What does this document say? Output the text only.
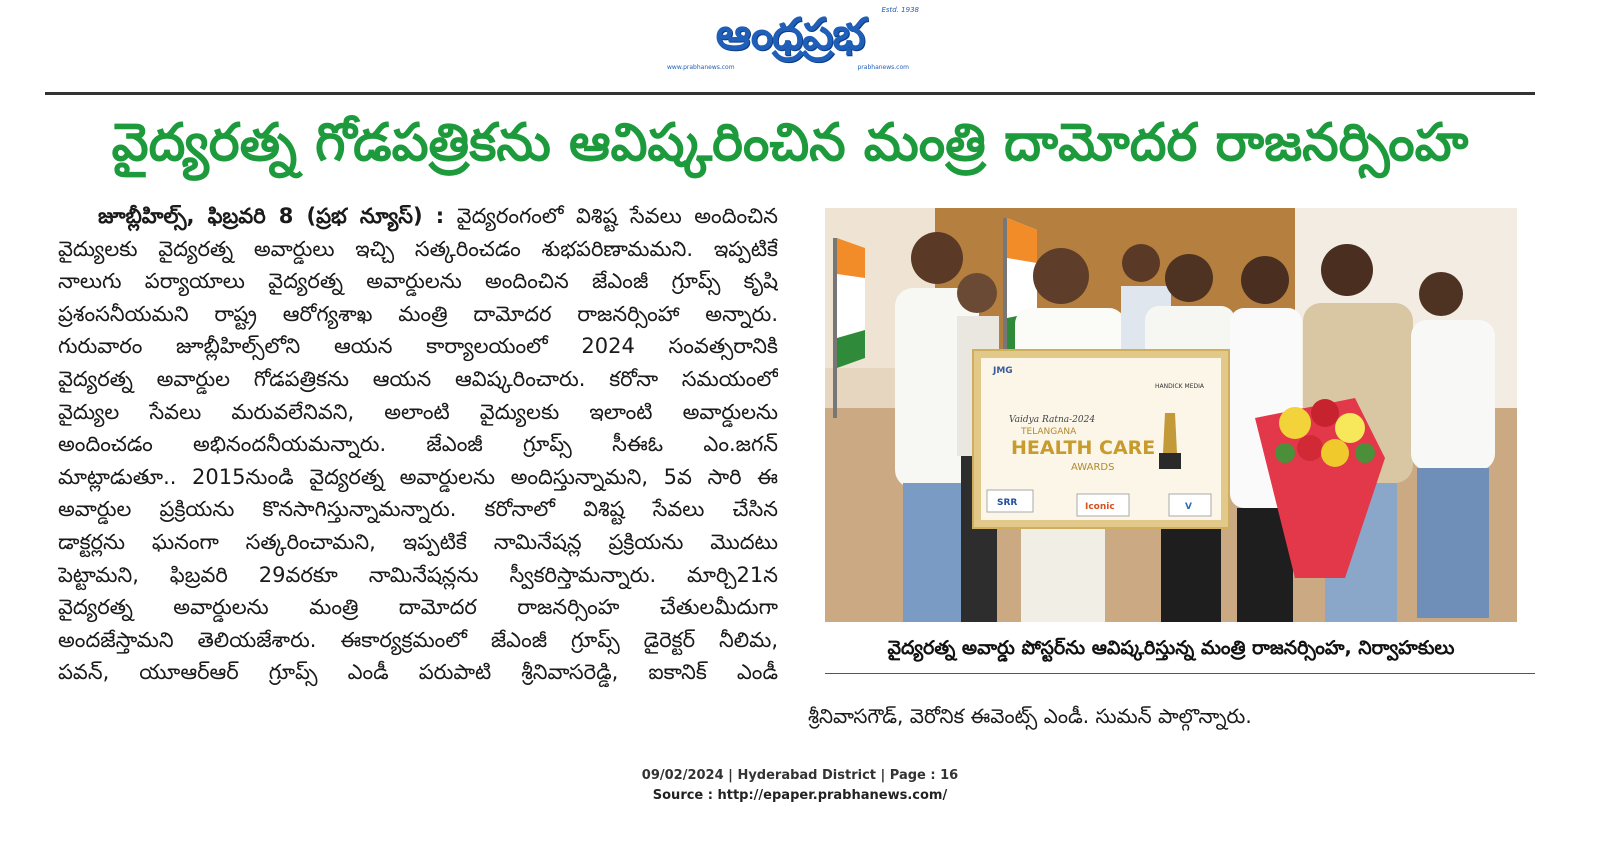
ఆంధ్రప్రభ	Estd. 1938
www.prabhanews.com	prabhanews.com
వైద్యరత్న గోడపత్రికను ఆవిష్కరించిన మంత్రి దామోదర రాజనర్సింహ
జూబ్లీహిల్స్, ఫిబ్రవరి 8 (ప్రభ న్యూస్) : వైద్యరంగంలో విశిష్ట సేవలు అందించిన
వైద్యులకు వైద్యరత్న అవార్డులు ఇచ్చి సత్కరించడం శుభపరిణామమని. ఇప్పటికే
నాలుగు పర్యాయాలు వైద్యరత్న అవార్డులను అందించిన జేఎంజీ గ్రూప్స్ కృషి
ప్రశంసనీయమని రాష్ట్ర ఆరోగ్యశాఖ మంత్రి దామోదర రాజనర్సింహా అన్నారు.
గురువారం జూబ్లీహిల్స్‌లోని ఆయన కార్యాలయంలో 2024 సంవత్సరానికి
వైద్యరత్న అవార్డుల గోడపత్రికను ఆయన ఆవిష్కరించారు. కరోనా సమయంలో
వైద్యుల సేవలు మరువలేనివని, అలాంటి వైద్యులకు ఇలాంటి అవార్డులను
అందించడం అభినందనీయమన్నారు. జేఎంజీ గ్రూప్స్ సీఈఓ ఎం.జగన్
మాట్లాడుతూ.. 2015నుండి వైద్యరత్న అవార్డులను అందిస్తున్నామని, 5వ సారి ఈ
అవార్డుల ప్రక్రియను కొనసాగిస్తున్నామన్నారు. కరోనాలో విశిష్ట సేవలు చేసిన
డాక్టర్లను ఘనంగా సత్కరించామని, ఇప్పటికే నామినేషన్ల ప్రక్రియను మొదటు
పెట్టామని, ఫిబ్రవరి 29వరకూ నామినేషన్లను స్వీకరిస్తామన్నారు. మార్చి21న
వైద్యరత్న అవార్డులను మంత్రి దామోదర రాజనర్సింహ చేతులమీదుగా
అందజేస్తామని తెలియజేశారు. ఈకార్యక్రమంలో జేఎంజీ గ్రూప్స్ డైరెక్టర్ నీలిమ,
పవన్, యూఆర్ఆర్ గ్రూప్స్ ఎండీ పరుపాటి శ్రీనివాసరెడ్డి, ఐకానిక్ ఎండీ
JMG
HANDICK MEDIA
Vaidya Ratna-2024
TELANGANA
HEALTH CARE
AWARDS
SRR	Iconic	V
వైద్యరత్న అవార్డు పోస్టర్‌ను ఆవిష్కరిస్తున్న మంత్రి రాజనర్సింహ, నిర్వాహకులు
శ్రీనివాసగౌడ్, వెరోనిక ఈవెంట్స్ ఎండీ. సుమన్ పాల్గొన్నారు.
09/02/2024 | Hyderabad District | Page : 16
Source : http://epaper.prabhanews.com/
